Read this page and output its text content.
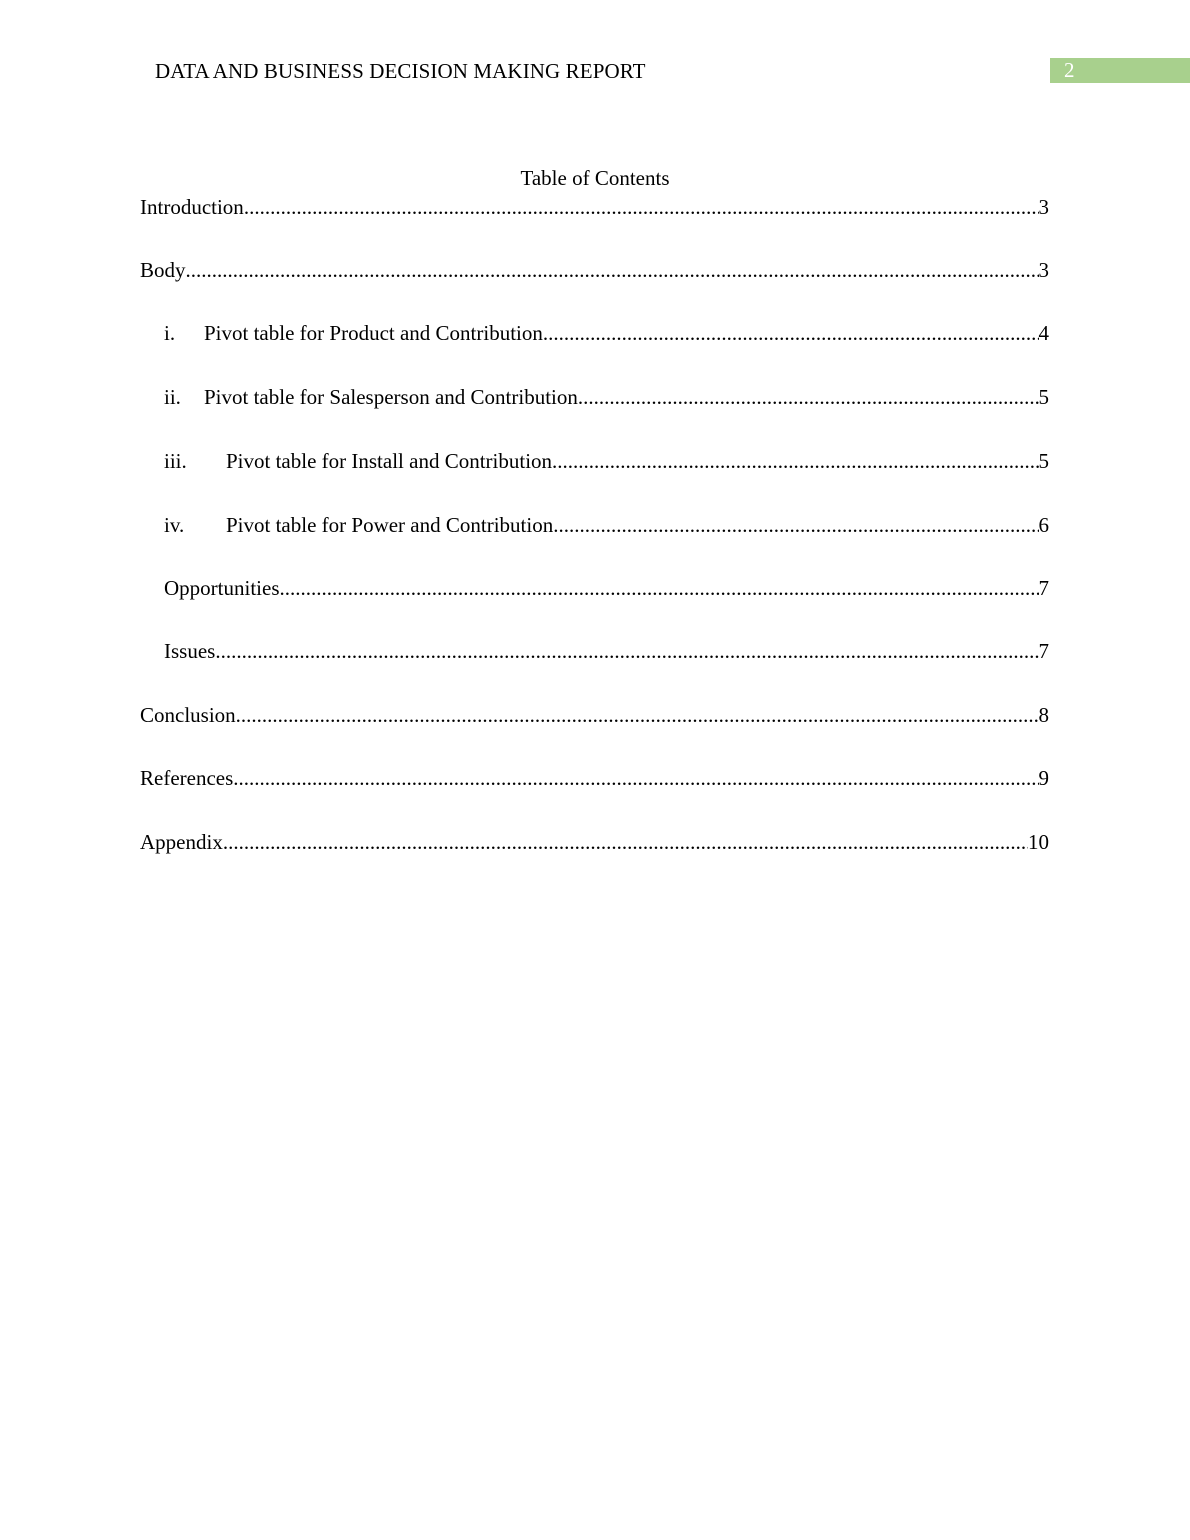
DATA AND BUSINESS DECISION MAKING REPORT	2
Table of Contents
Introduction .....	3
Body .....	3
i.	Pivot table for Product and Contribution .....	4
ii.	Pivot table for Salesperson and Contribution .....	5
iii.	Pivot table for Install and Contribution .....	5
iv.	Pivot table for Power and Contribution .....	6
Opportunities .....	7
Issues .....	7
Conclusion .....	8
References .....	9
Appendix .....	10
